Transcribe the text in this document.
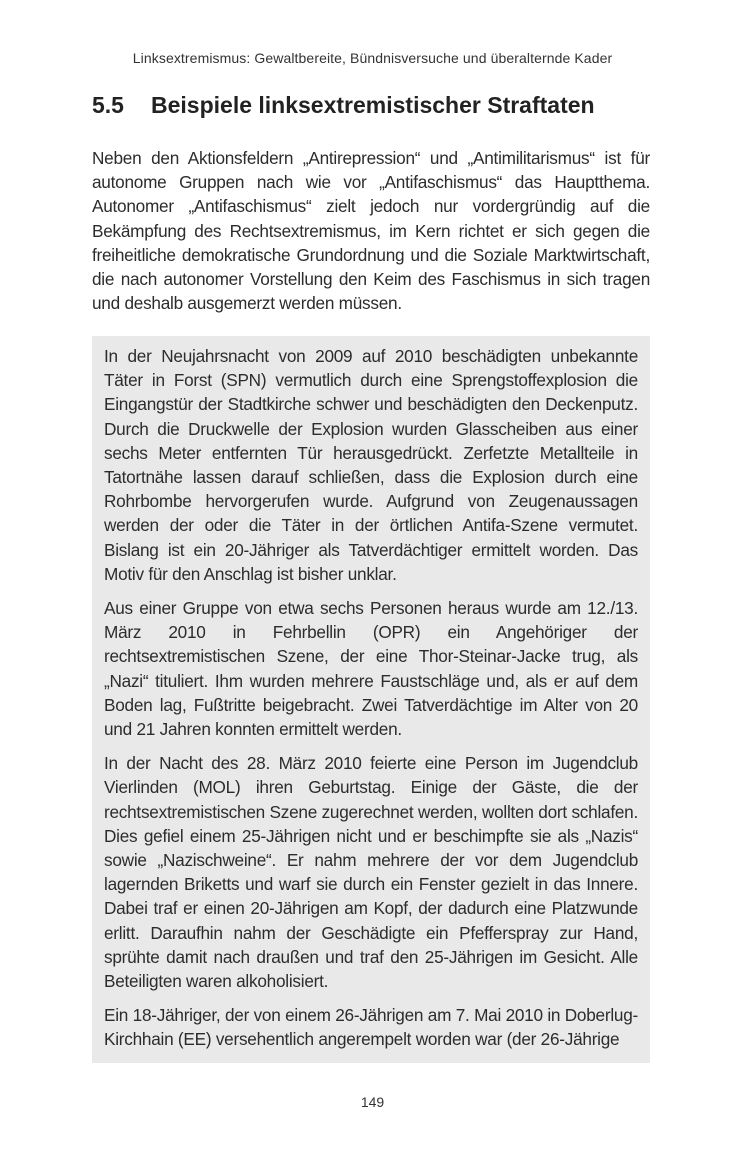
Linksextremismus: Gewaltbereite, Bündnisversuche und überalternde Kader
5.5 Beispiele linksextremistischer Straftaten

Neben den Aktionsfeldern „Antirepression“ und „Antimilitarismus“ ist für autonome Gruppen nach wie vor „Antifaschismus“ das Hauptthema. Autonomer „Antifaschismus“ zielt jedoch nur vordergründig auf die Bekämpfung des Rechtsextremismus, im Kern richtet er sich gegen die freiheitliche demokratische Grundordnung und die Soziale Marktwirtschaft, die nach autonomer Vorstellung den Keim des Faschismus in sich tragen und deshalb ausgemerzt werden müssen.

In der Neujahrsnacht von 2009 auf 2010 beschädigten unbekannte Täter in Forst (SPN) vermutlich durch eine Sprengstoffexplosion die Eingangstür der Stadtkirche schwer und beschädigten den Deckenputz. Durch die Druckwelle der Explosion wurden Glasscheiben aus einer sechs Meter entfernten Tür herausgedrückt. Zerfetzte Metallteile in Tatortnähe lassen darauf schließen, dass die Explosion durch eine Rohrbombe hervorgerufen wurde. Aufgrund von Zeugenaussagen werden der oder die Täter in der örtlichen Antifa-Szene vermutet. Bislang ist ein 20-Jähriger als Tatverdächtiger ermittelt worden. Das Motiv für den Anschlag ist bisher unklar.

Aus einer Gruppe von etwa sechs Personen heraus wurde am 12./13. März 2010 in Fehrbellin (OPR) ein Angehöriger der rechtsextremistischen Szene, der eine Thor-Steinar-Jacke trug, als „Nazi“ tituliert. Ihm wurden mehrere Faustschläge und, als er auf dem Boden lag, Fußtritte beigebracht. Zwei Tatverdächtige im Alter von 20 und 21 Jahren konnten ermittelt werden.

In der Nacht des 28. März 2010 feierte eine Person im Jugendclub Vierlinden (MOL) ihren Geburtstag. Einige der Gäste, die der rechtsextremistischen Szene zugerechnet werden, wollten dort schlafen. Dies gefiel einem 25-Jährigen nicht und er beschimpfte sie als „Nazis“ sowie „Nazischweine“. Er nahm mehrere der vor dem Jugendclub lagernden Briketts und warf sie durch ein Fenster gezielt in das Innere. Dabei traf er einen 20-Jährigen am Kopf, der dadurch eine Platzwunde erlitt. Daraufhin nahm der Geschädigte ein Pfefferspray zur Hand, sprühte damit nach draußen und traf den 25-Jährigen im Gesicht. Alle Beteiligten waren alkoholisiert.

Ein 18-Jähriger, der von einem 26-Jährigen am 7. Mai 2010 in Doberlug-Kirchhain (EE) versehentlich angerempelt worden war (der 26-Jährige

149
